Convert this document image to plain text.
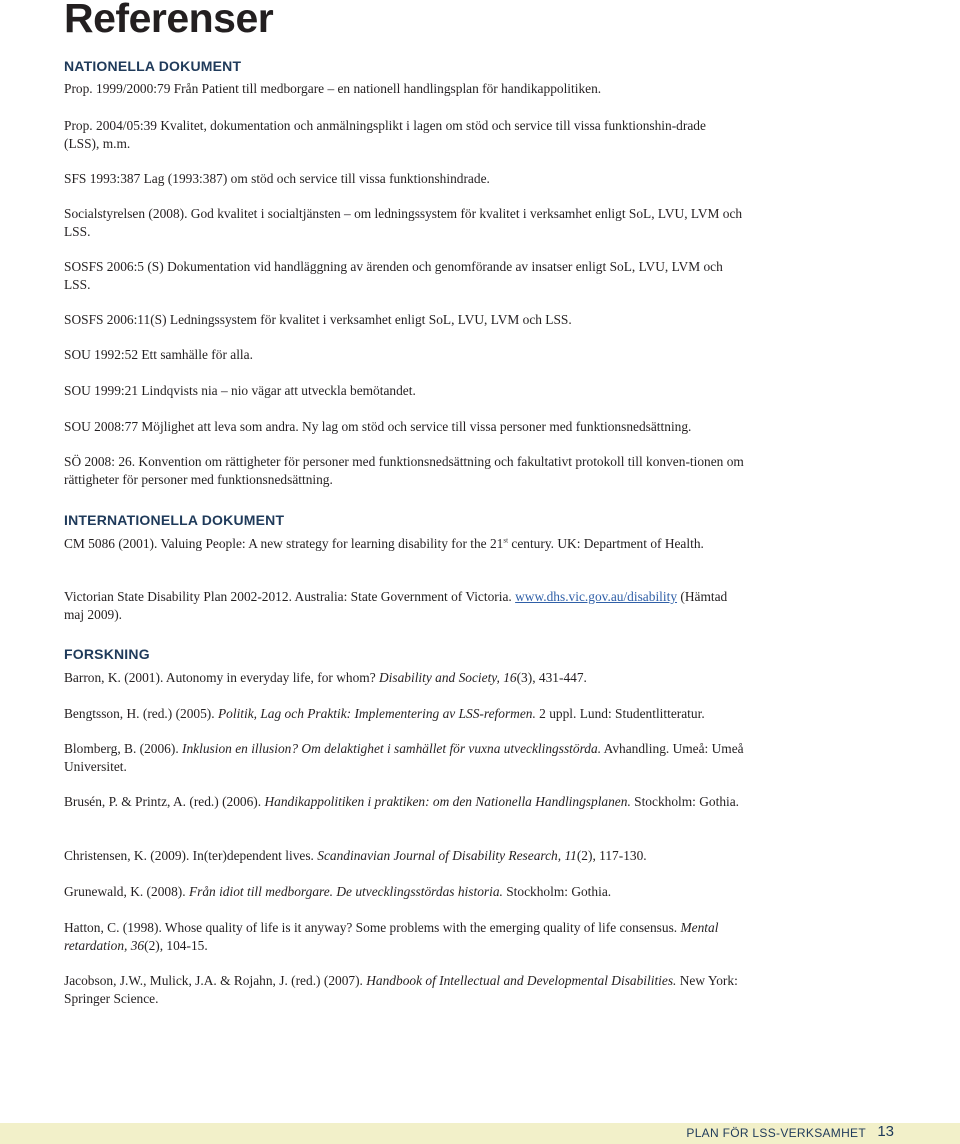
Referenser
NATIONELLA DOKUMENT

Prop. 1999/2000:79 Från Patient till medborgare – en nationell handlingsplan för handikappolitiken.

Prop. 2004/05:39 Kvalitet, dokumentation och anmälningsplikt i lagen om stöd och service till vissa funktionshin-drade (LSS), m.m.

SFS 1993:387 Lag (1993:387) om stöd och service till vissa funktionshindrade.

Socialstyrelsen (2008). God kvalitet i socialtjänsten – om ledningssystem för kvalitet i verksamhet enligt SoL, LVU, LVM och LSS.

SOSFS 2006:5 (S) Dokumentation vid handläggning av ärenden och genomförande av insatser enligt SoL, LVU, LVM och LSS.

SOSFS 2006:11(S) Ledningssystem för kvalitet i verksamhet enligt SoL, LVU, LVM och LSS.

SOU 1992:52 Ett samhälle för alla.

SOU 1999:21 Lindqvists nia – nio vägar att utveckla bemötandet.

SOU 2008:77 Möjlighet att leva som andra. Ny lag om stöd och service till vissa personer med funktionsnedsättning.

SÖ 2008: 26. Konvention om rättigheter för personer med funktionsnedsättning och fakultativt protokoll till konven-tionen om rättigheter för personer med funktionsnedsättning.

INTERNATIONELLA DOKUMENT

CM 5086 (2001). Valuing People: A new strategy for learning disability for the 21st century. UK: Department of Health.

Victorian State Disability Plan 2002-2012. Australia: State Government of Victoria. www.dhs.vic.gov.au/disability (Hämtad maj 2009).

FORSKNING

Barron, K. (2001). Autonomy in everyday life, for whom? Disability and Society, 16(3), 431-447.

Bengtsson, H. (red.) (2005). Politik, Lag och Praktik: Implementering av LSS-reformen. 2 uppl. Lund: Studentlitteratur.

Blomberg, B. (2006). Inklusion en illusion? Om delaktighet i samhället för vuxna utvecklingsstörda. Avhandling. Umeå: Umeå Universitet.

Brusén, P. & Printz, A. (red.) (2006). Handikappolitiken i praktiken: om den Nationella Handlingsplanen. Stockholm: Gothia.

Christensen, K. (2009). In(ter)dependent lives. Scandinavian Journal of Disability Research, 11(2), 117-130.

Grunewald, K. (2008). Från idiot till medborgare. De utvecklingsstördas historia. Stockholm: Gothia.

Hatton, C. (1998). Whose quality of life is it anyway? Some problems with the emerging quality of life consensus. Mental retardation, 36(2), 104-15.

Jacobson, J.W., Mulick, J.A. & Rojahn, J. (red.) (2007). Handbook of Intellectual and Developmental Disabilities. New York: Springer Science.

PLAN FÖR LSS-VERKSAMHET 13
